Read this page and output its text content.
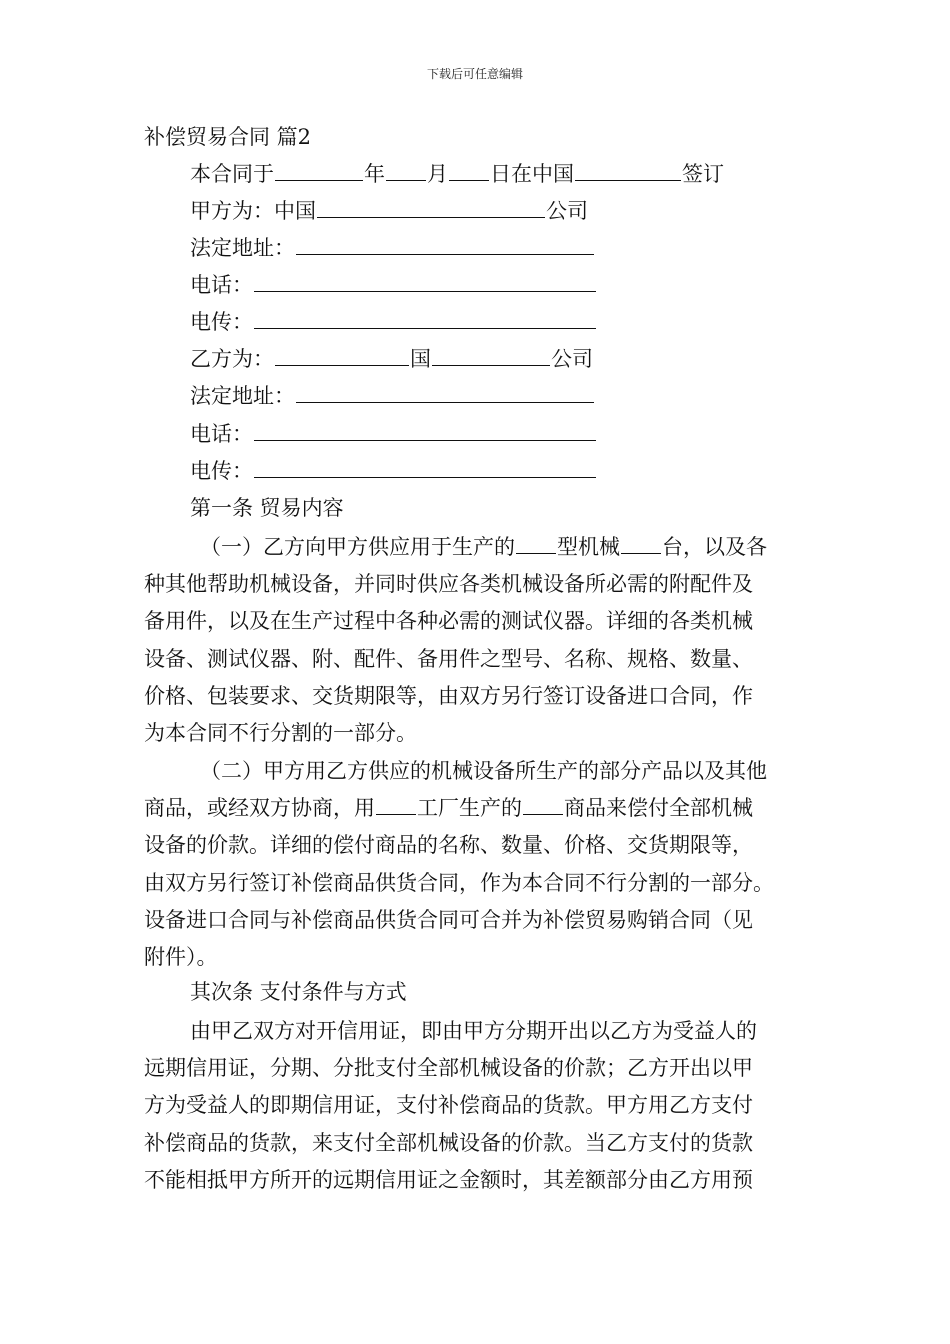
下载后可任意编辑
补偿贸易合同 篇2
本合同于	年 月 日在中国	签订
甲方为：中国	公司
法定地址：
电话：
电传：
乙方为：	国	公司
法定地址：
电话：
电传：
第一条 贸易内容
（一）乙方向甲方供应用于生产的 型机械 台，以及各
种其他帮助机械设备，并同时供应各类机械设备所必需的附配件及
备用件，以及在生产过程中各种必需的测试仪器。详细的各类机械
设备、测试仪器、附、配件、备用件之型号、名称、规格、数量、
价格、包装要求、交货期限等，由双方另行签订设备进口合同，作
为本合同不行分割的一部分。
（二）甲方用乙方供应的机械设备所生产的部分产品以及其他
商品，或经双方协商，用 工厂生产的 商品来偿付全部机械
设备的价款。详细的偿付商品的名称、数量、价格、交货期限等，
由双方另行签订补偿商品供货合同，作为本合同不行分割的一部分。
设备进口合同与补偿商品供货合同可合并为补偿贸易购销合同（见
附件）。
其次条 支付条件与方式
由甲乙双方对开信用证，即由甲方分期开出以乙方为受益人的
远期信用证，分期、分批支付全部机械设备的价款；乙方开出以甲
方为受益人的即期信用证，支付补偿商品的货款。甲方用乙方支付
补偿商品的货款，来支付全部机械设备的价款。当乙方支付的货款
不能相抵甲方所开的远期信用证之金额时，其差额部分由乙方用预
